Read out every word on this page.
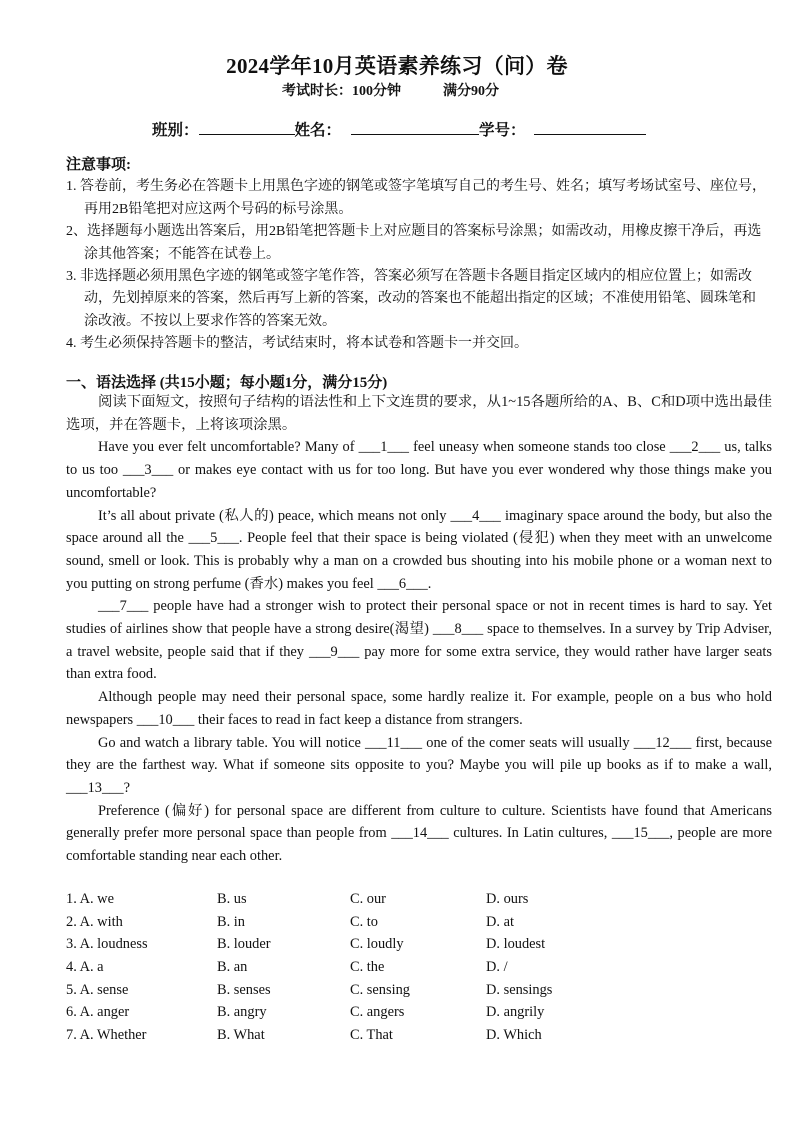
2024学年10月英语素养练习（问）卷
考试时长：100分钟	满分90分
班别：	姓名：	学号：
注意事项:
1. 答卷前，考生务必在答题卡上用黑色字迹的钢笔或签字笔填写自己的考生号、姓名；填写考场试室号、座位号，再用2B铅笔把对应这两个号码的标号涂黑。
2、选择题每小题选出答案后，用2B铅笔把答题卡上对应题目的答案标号涂黑；如需改动，用橡皮擦干净后，再选涂其他答案；不能答在试卷上。
3. 非选择题必须用黑色字迹的钢笔或签字笔作答，答案必须写在答题卡各题目指定区域内的相应位置上；如需改动，先划掉原来的答案，然后再写上新的答案，改动的答案也不能超出指定的区域；不准使用铅笔、圆珠笔和涂改液。不按以上要求作答的答案无效。
4. 考生必须保持答题卡的整洁，考试结束时，将本试卷和答题卡一并交回。
一、语法选择 (共15小题；每小题1分，满分15分)

阅读下面短文，按照句子结构的语法性和上下文连贯的要求，从1~15各题所给的A、B、C和D项中选出最佳选项，并在答题卡，上将该项涂黑。

Have you ever felt uncomfortable? Many of ___1___ feel uneasy when someone stands too close ___2___ us, talks to us too ___3___ or makes eye contact with us for too long. But have you ever wondered why those things make you uncomfortable?

It’s all about private (私人的) peace, which means not only ___4___ imaginary space around the body, but also the space around all the ___5___. People feel that their space is being violated (侵犯) when they meet with an unwelcome sound, smell or look. This is probably why a man on a crowded bus shouting into his mobile phone or a woman next to you putting on strong perfume (香水) makes you feel ___6___.

___7___ people have had a stronger wish to protect their personal space or not in recent times is hard to say. Yet studies of airlines show that people have a strong desire(渴望) ___8___ space to themselves. In a survey by Trip Adviser, a travel website, people said that if they ___9___ pay more for some extra service, they would rather have larger seats than extra food.

Although people may need their personal space, some hardly realize it. For example, people on a bus who hold newspapers ___10___ their faces to read in fact keep a distance from strangers.

Go and watch a library table. You will notice ___11___ one of the comer seats will usually ___12___ first, because they are the farthest way. What if someone sits opposite to you? Maybe you will pile up books as if to make a wall, ___13___?

Preference (偏好) for personal space are different from culture to culture. Scientists have found that Americans generally prefer more personal space than people from ___14___ cultures. In Latin cultures, ___15___, people are more comfortable standing near each other.

1. A. we	B. us	C. our	D. ours
2. A. with	B. in	C. to	D. at
3. A. loudness	B. louder	C. loudly	D. loudest
4. A. a	B. an	C. the	D. /
5. A. sense	B. senses	C. sensing	D. sensings
6. A. anger	B. angry	C. angers	D. angrily
7. A. Whether	B. What	C. That	D. Which
